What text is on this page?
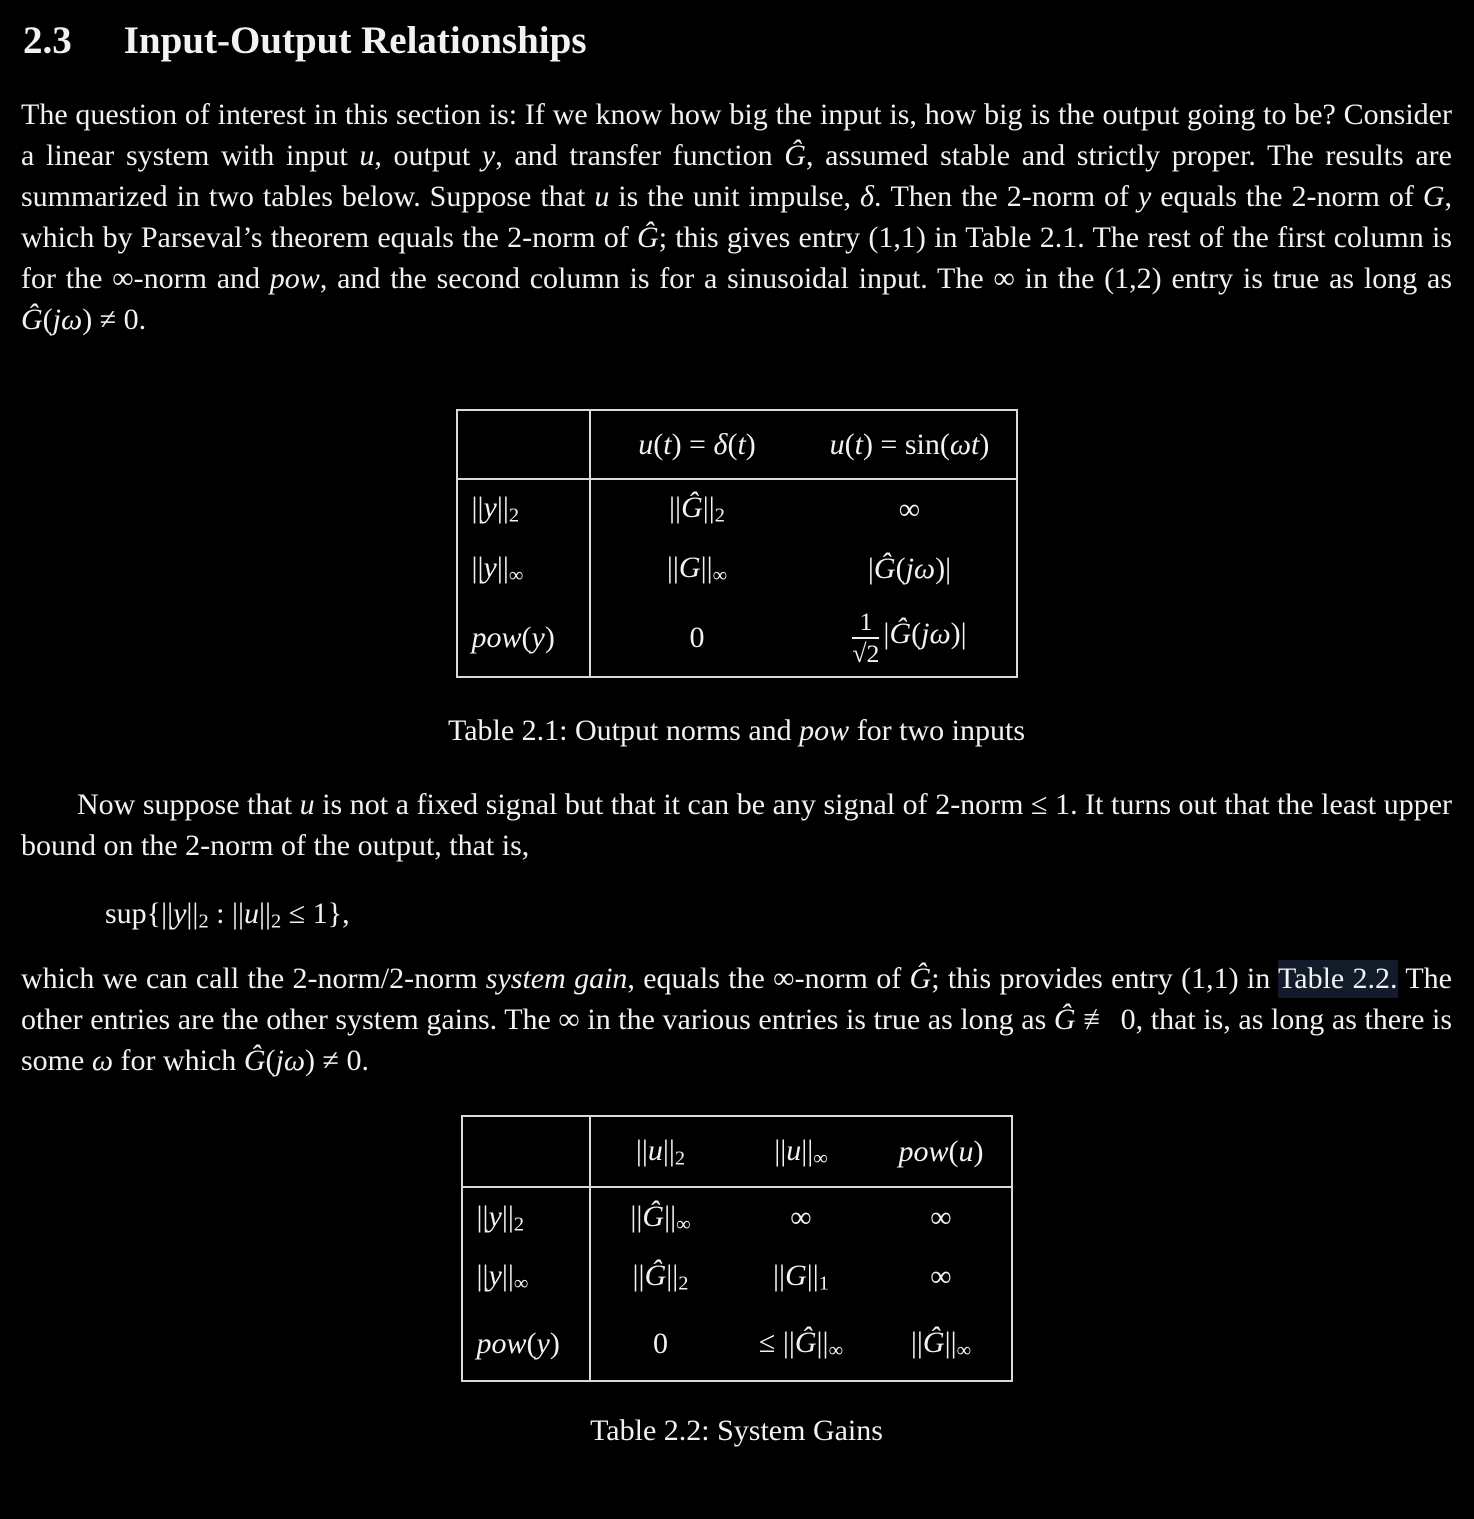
2.3 Input-Output Relationships

The question of interest in this section is: If we know how big the input is, how big is the output going to be? Consider a linear system with input u, output y, and transfer function Ĝ, assumed stable and strictly proper. The results are summarized in two tables below. Suppose that u is the unit impulse, δ. Then the 2-norm of y equals the 2-norm of G, which by Parseval’s theorem equals the 2-norm of Ĝ; this gives entry (1,1) in Table 2.1. The rest of the first column is for the ∞-norm and pow, and the second column is for a sinusoidal input. The ∞ in the (1,2) entry is true as long as Ĝ(jω) ≠ 0.

	u(t) = δ(t)	u(t) = sin(ωt)
$||y||_2$	$||Ĝ||_2$	∞
$||y||_\infty$	$||G||_\infty$	|Ĝ(jω)|
pow(y)	0	$\frac{1}{√2}$ |Ĝ(jω)|
Table 2.1: Output norms and pow for two inputs

Now suppose that u is not a fixed signal but that it can be any signal of 2-norm ≤ 1. It turns out that the least upper bound on the 2-norm of the output, that is,

$sup\{||y||_2$ : $||u||_2 \le 1$},

which we can call the 2-norm/2-norm system gain, equals the ∞-norm of Ĝ; this provides entry (1,1) in Table 2.2. The other entries are the other system gains. The ∞ in the various entries is true as long as Ĝ ≢ 0, that is, as long as there is some ω for which Ĝ(jω) ≠ 0.

	$||u||_2$	$||u||_\infty$	pow(u)
$||y||_2$	$||Ĝ||_\infty$	∞	∞
$||y||_\infty$	$||Ĝ||_2$	$||G||_1$	∞
pow(y)	0	≤ $||Ĝ||_\infty$	$||Ĝ||_\infty$
Table 2.2: System Gains
